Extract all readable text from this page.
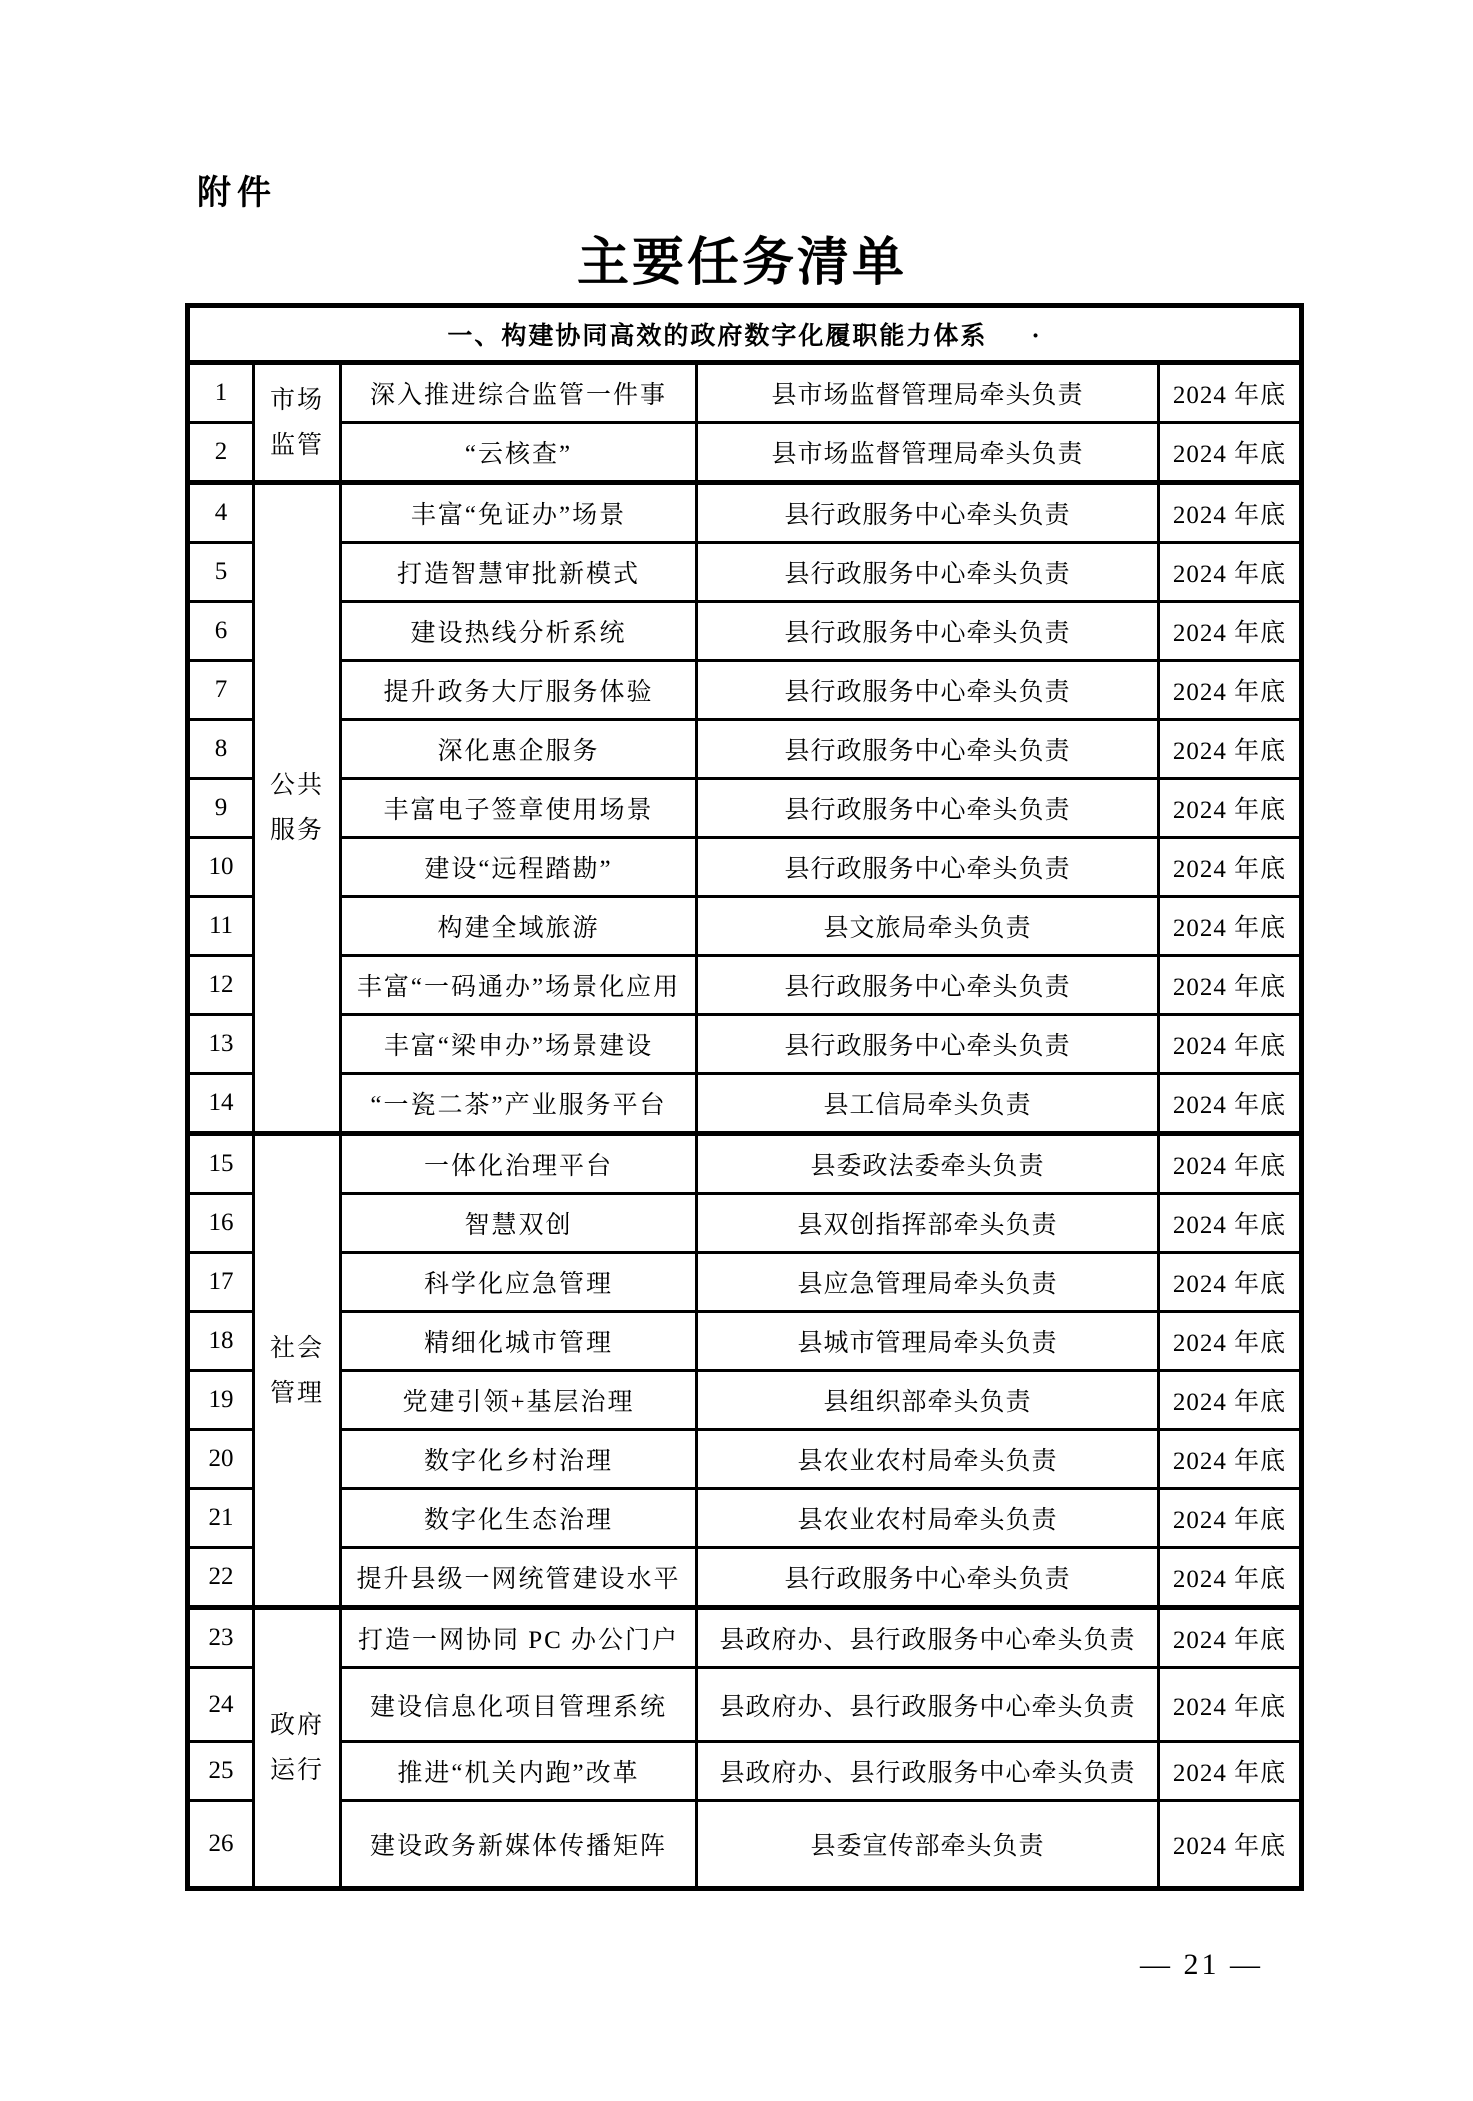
附件
主要任务清单
一、构建协同高效的政府数字化履职能力体系 ·				
1	市场监管	深入推进综合监管一件事	县市场监督管理局牵头负责	2024 年底
2		“云核查”	县市场监督管理局牵头负责	2024 年底
4	公共服务	丰富“免证办”场景	县行政服务中心牵头负责	2024 年底
5		打造智慧审批新模式	县行政服务中心牵头负责	2024 年底
6		建设热线分析系统	县行政服务中心牵头负责	2024 年底
7		提升政务大厅服务体验	县行政服务中心牵头负责	2024 年底
8		深化惠企服务	县行政服务中心牵头负责	2024 年底
9		丰富电子签章使用场景	县行政服务中心牵头负责	2024 年底
10		建设“远程踏勘”	县行政服务中心牵头负责	2024 年底
11		构建全域旅游	县文旅局牵头负责	2024 年底
12		丰富“一码通办”场景化应用	县行政服务中心牵头负责	2024 年底
13		丰富“梁申办”场景建设	县行政服务中心牵头负责	2024 年底
14		“一瓷二茶”产业服务平台	县工信局牵头负责	2024 年底
15	社会管理	一体化治理平台	县委政法委牵头负责	2024 年底
16		智慧双创	县双创指挥部牵头负责	2024 年底
17		科学化应急管理	县应急管理局牵头负责	2024 年底
18		精细化城市管理	县城市管理局牵头负责	2024 年底
19		党建引领+基层治理	县组织部牵头负责	2024 年底
20		数字化乡村治理	县农业农村局牵头负责	2024 年底
21		数字化生态治理	县农业农村局牵头负责	2024 年底
22		提升县级一网统管建设水平	县行政服务中心牵头负责	2024 年底
23	政府运行	打造一网协同 PC 办公门户	县政府办、县行政服务中心牵头负责	2024 年底
24		建设信息化项目管理系统	县政府办、县行政服务中心牵头负责	2024 年底
25		推进“机关内跑”改革	县政府办、县行政服务中心牵头负责	2024 年底
26		建设政务新媒体传播矩阵	县委宣传部牵头负责	2024 年底
— 21 —
